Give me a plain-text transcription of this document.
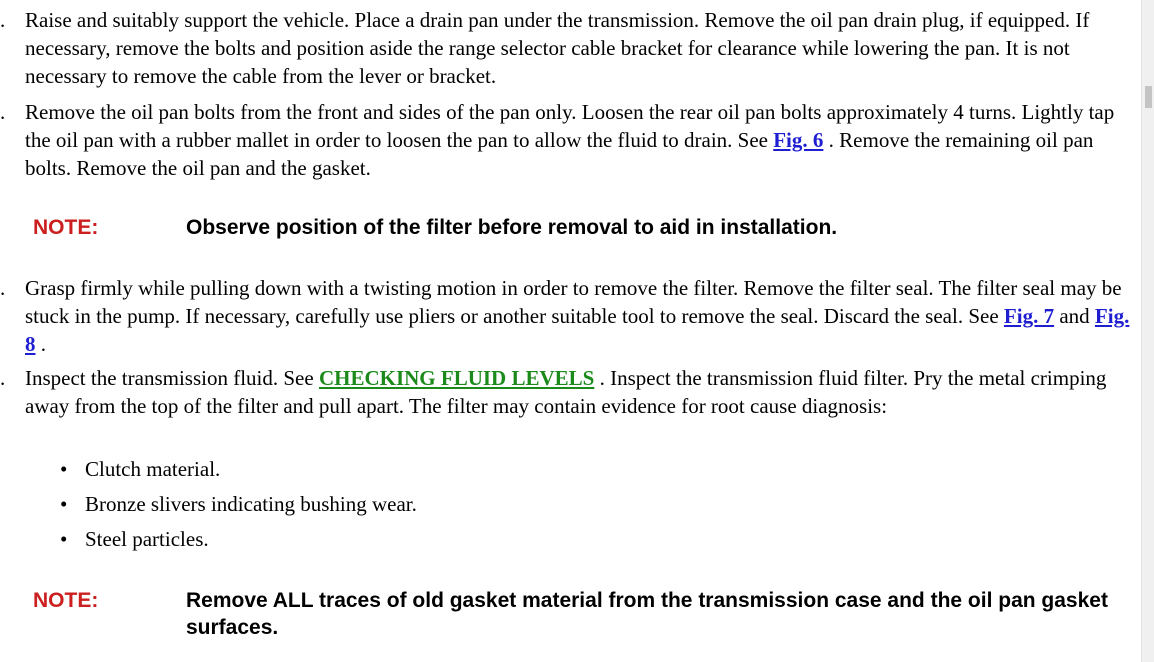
. Raise and suitably support the vehicle. Place a drain pan under the transmission. Remove the oil pan drain plug, if equipped. If necessary, remove the bolts and position aside the range selector cable bracket for clearance while lowering the pan. It is not necessary to remove the cable from the lever or bracket.
. Remove the oil pan bolts from the front and sides of the pan only. Loosen the rear oil pan bolts approximately 4 turns. Lightly tap the oil pan with a rubber mallet in order to loosen the pan to allow the fluid to drain. See Fig. 6 . Remove the remaining oil pan bolts. Remove the oil pan and the gasket.
NOTE:	Observe position of the filter before removal to aid in installation.
. Grasp firmly while pulling down with a twisting motion in order to remove the filter. Remove the filter seal. The filter seal may be stuck in the pump. If necessary, carefully use pliers or another suitable tool to remove the seal. Discard the seal. See Fig. 7 and Fig. 8 .
. Inspect the transmission fluid. See CHECKING FLUID LEVELS . Inspect the transmission fluid filter. Pry the metal crimping away from the top of the filter and pull apart. The filter may contain evidence for root cause diagnosis:
• Clutch material.
• Bronze slivers indicating bushing wear.
• Steel particles.
NOTE:	Remove ALL traces of old gasket material from the transmission case and the oil pan gasket surfaces.
